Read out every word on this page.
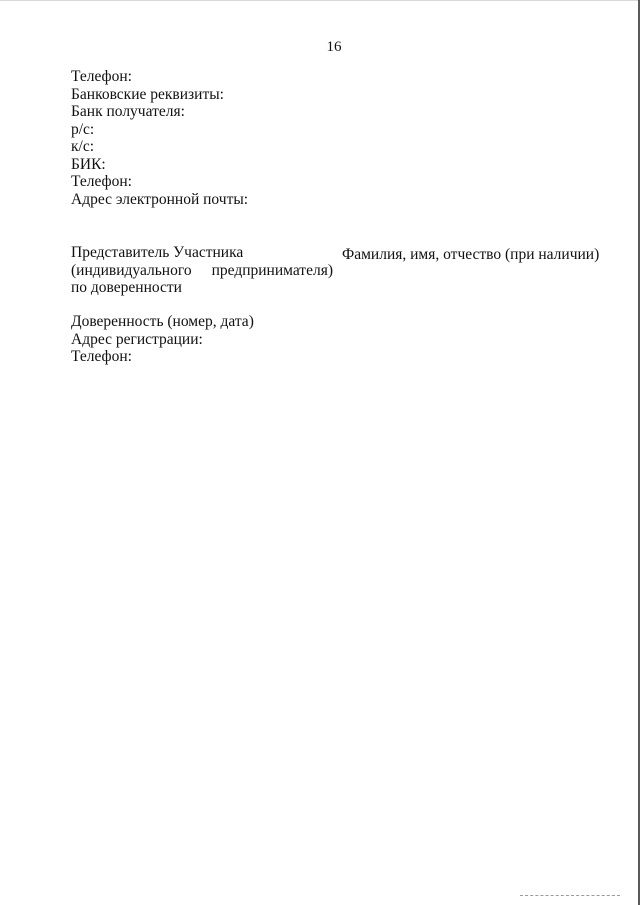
16
Телефон:
Банковские реквизиты:
Банк получателя:
р/с:
к/с:
БИК:
Телефон:
Адрес электронной почты:
Представитель Участника
(индивидуального предпринимателя)
по доверенности
Фамилия, имя, отчество (при наличии)
Доверенность (номер, дата)
Адрес регистрации:
Телефон:
